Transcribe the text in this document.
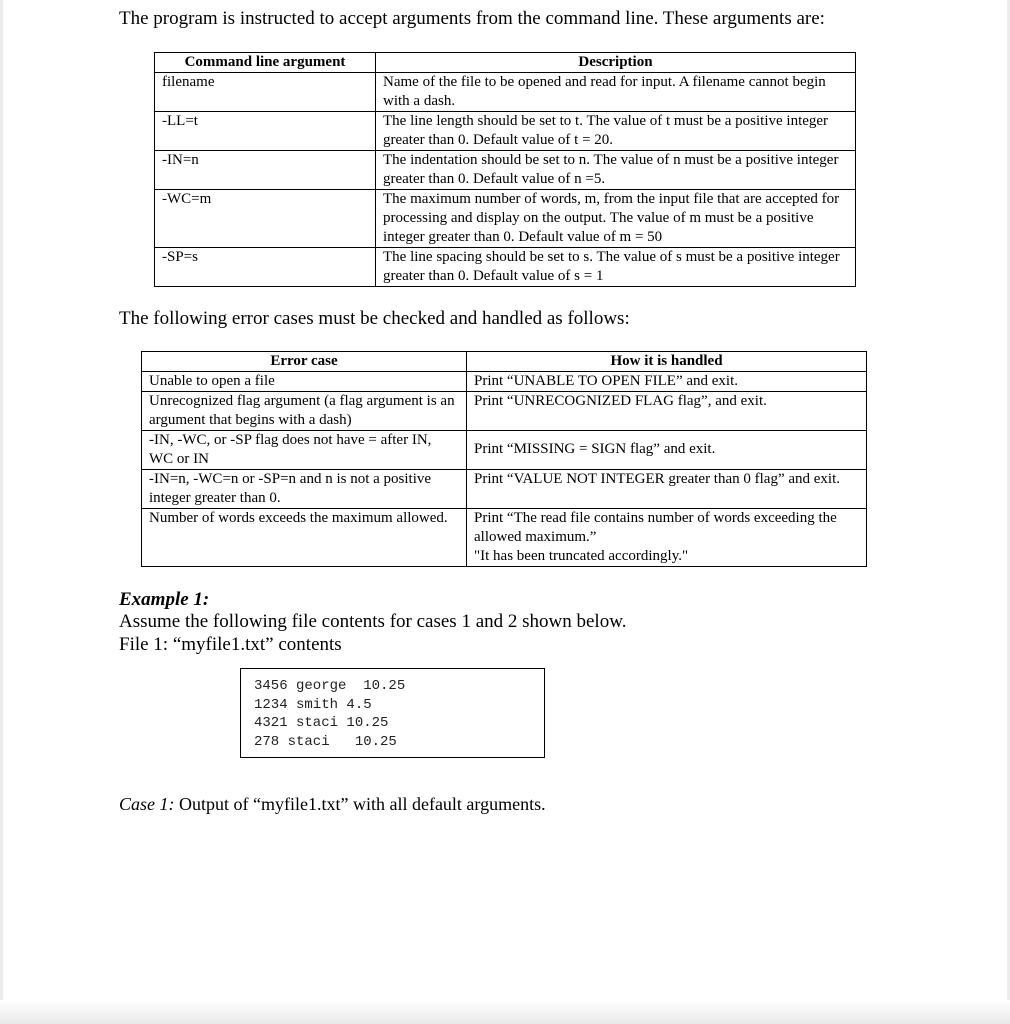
The program is instructed to accept arguments from the command line. These arguments are:

Command line argument	Description
filename	Name of the file to be opened and read for input. A filename cannot begin with a dash.
-LL=t	The line length should be set to t. The value of t must be a positive integer greater than 0. Default value of t = 20.
-IN=n	The indentation should be set to n. The value of n must be a positive integer greater than 0. Default value of n =5.
-WC=m	The maximum number of words, m, from the input file that are accepted for processing and display on the output. The value of m must be a positive integer greater than 0. Default value of m = 50
-SP=s	The line spacing should be set to s. The value of s must be a positive integer greater than 0. Default value of s = 1

The following error cases must be checked and handled as follows:

Error case	How it is handled
Unable to open a file	Print “UNABLE TO OPEN FILE” and exit.
Unrecognized flag argument (a flag argument is an argument that begins with a dash)	Print “UNRECOGNIZED FLAG flag”, and exit.
-IN, -WC, or -SP flag does not have = after IN, WC or IN	Print “MISSING = SIGN flag” and exit.
-IN=n, -WC=n or -SP=n and n is not a positive integer greater than 0.	Print “VALUE NOT INTEGER greater than 0 flag” and exit.
Number of words exceeds the maximum allowed.	Print “The read file contains number of words exceeding the allowed maximum.”
"It has been truncated accordingly."

Example 1:

Assume the following file contents for cases 1 and 2 shown below.

File 1: “myfile1.txt” contents

3456 george  10.25
1234 smith 4.5
4321 staci 10.25
278 staci   10.25

Case 1: Output of “myfile1.txt” with all default arguments.
